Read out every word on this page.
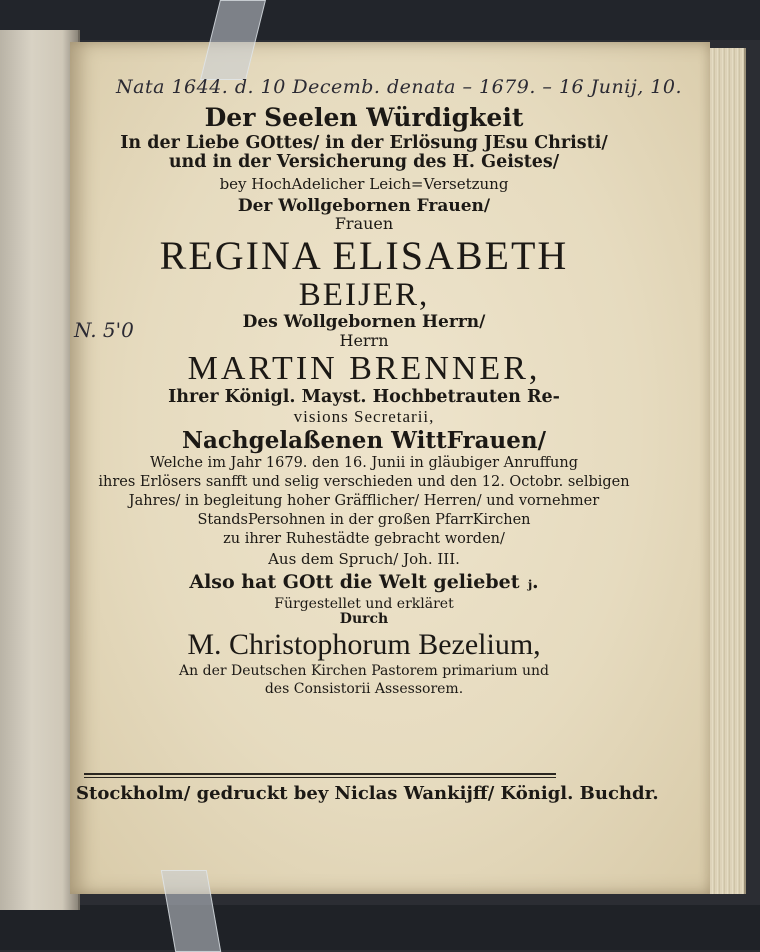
Nata 1644. d. 10 Decemb. denata – 1679. – 16 Junij, 10.
N. 5'0
Der Seelen Würdigkeit
In der Liebe GOttes/ in der Erlösung JEsu Christi/
und in der Versicherung des H. Geistes/
bey HochAdelicher Leich=Versetzung
Der Wollgebornen Frauen/
Frauen
REGINA ELISABETH
BEIJER,
Des Wollgebornen Herrn/
Herrn
MARTIN BRENNER,
Ihrer Königl. Mayst. Hochbetrauten Re-
visions Secretarii,
Nachgelaßenen WittFrauen/
Welche im Jahr 1679. den 16. Junii in gläubiger Anruffung
ihres Erlösers sanfft und selig verschieden und den 12. Octobr. selbigen
Jahres/ in begleitung hoher Gräfflicher/ Herren/ und vornehmer
StandsPersohnen in der großen PfarrKirchen
zu ihrer Ruhestädte gebracht worden/
Aus dem Spruch/ Joh. III.
Also hat GOtt die Welt geliebet ⱼ.
Fürgestellet und erkläret
Durch
M. Christophorum Bezelium,
An der Deutschen Kirchen Pastorem primarium und
des Consistorii Assessorem.
Stockholm/ gedruckt bey Niclas Wankijff/ Königl. Buchdr.
